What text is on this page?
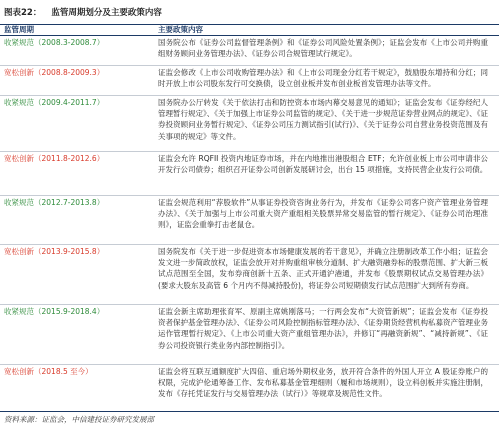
图表22： 监管周期划分及主要政策内容
监管周期	主要政策内容
收紧规范（2008.3-2008.7）	国务院公布《证券公司监督管理条例》和《证券公司风险处置条例》；证监会发布《上市公司并购重组财务顾问业务管理办法》、《证券公司合规管理试行规定》。
宽松创新（2008.8-2009.3）	证监会修改《上市公司收购管理办法》和《上市公司现金分红若干规定》，鼓励股东增持和分红；同时开放上市公司股东发行可交换债，设立创业板并发布创业板首发管理办法等文件。
收紧规范（2009.4-2011.7）	国务院办公厅转发《关于依法打击和防控资本市场内幕交易意见的通知》；证监会发布《证券经纪人管理暂行规定》、《关于加强上市证券公司监管的规定》、《关于进一步规范证券营业网点的规定》、《证券投资顾问业务暂行规定》、《证券公司压力测试指引(试行)》、《关于证券公司自营业务投资范围及有关事项的规定》等文件。
宽松创新（2011.8-2012.6）	证监会允许 RQFII 投资内地证券市场，并在内地推出港股组合 ETF；允许创业板上市公司申请非公开发行公司债券；组织召开证券公司创新发展研讨会，出台 15 项措施，支持民营企业发行公司债。
收紧规范（2012.7-2013.8）	证监会规范利用“荐股软件”从事证券投资咨询业务行为，并发布《证券公司客户资产管理业务管理办法》、《关于加强与上市公司重大资产重组相关股票异常交易监管的暂行规定》、《证券公司治理准则》，证监会重拳打击老鼠仓。
宽松创新（2013.9-2015.8）	国务院发布《关于进一步促进资本市场健康发展的若干意见》，并确立注册制改革工作小组；证监会发文进一步简政放权，证监会放开对并购重组审核分道制、扩大融资融券标的股票范围、扩大新三板试点范围至全国，发布券商创新十五条、正式开通沪港通，并发布《股票期权试点交易管理办法》(要求大股东及高管 6 个月内不得减持股份)，将证券公司短期债发行试点范围扩大到所有券商。
收紧规范（2015.9-2018.4）	证监会新主席助理张育军、原副主席姚刚落马；一行两会发布“大资管新规”；证监会发布《证券投资者保护基金管理办法》、《证券公司风险控制指标管理办法》、《证券期货经营机构私募资产管理业务运作管理暂行规定》、《上市公司重大资产重组管理办法》，并修订“再融资新规”、“减持新规”、《证券公司投资银行类业务内部控制指引》。
宽松创新（2018.5 至今）	证监会将互联互通额度扩大四倍、重启场外期权业务，放开符合条件的外国人开立 A 股证券账户的权限，完成沪伦通筹备工作、发布私募基金管理细则（履和市场规则），设立科创板并实施注册制，发布《存托凭证发行与交易管理办法（试行）》等规章及规范性文件。
资料来源：证监会，中信建投证券研究发展部
